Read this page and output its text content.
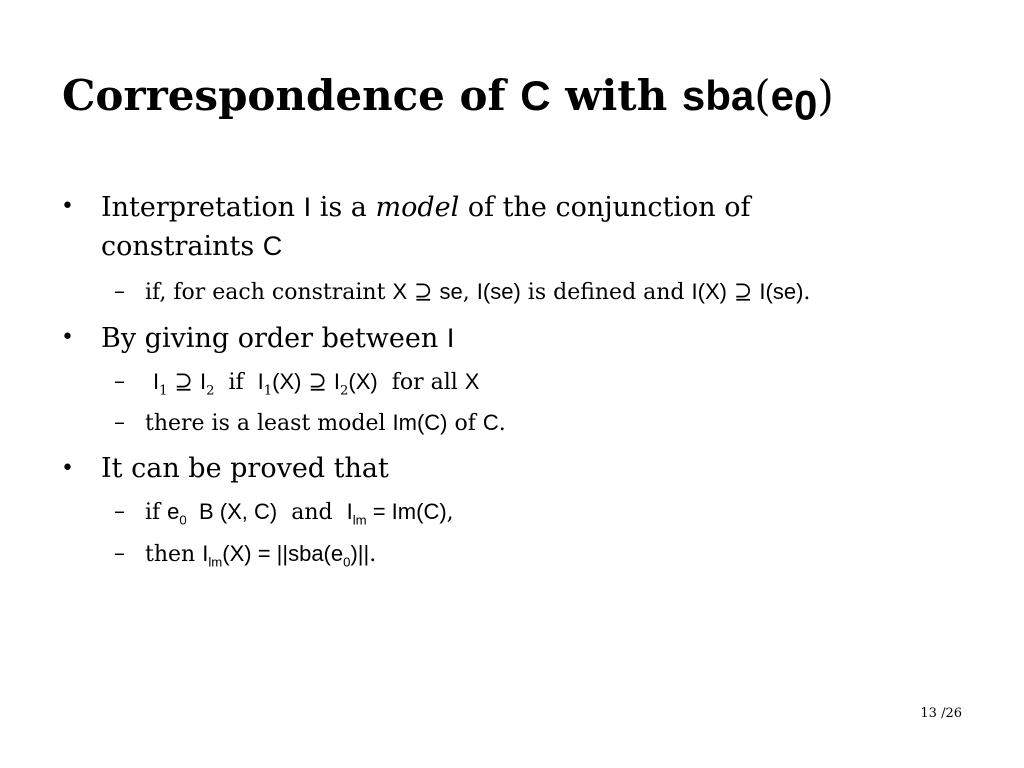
Correspondence of C with $sba(e_0)$
• Interpretation I is a model of the conjunction of
constraints C
– if, for each constraint X ⊇ se, I(se) is defined and I(X) ⊇ I(se).
• By giving order between I
– $I_1$ ⊇ $I_2$  if  $I_1(X)$ ⊇ $I_2(X)$  for all X
– there is a least model Im(C) of C.
• It can be proved that
– if $e_0$  B (X, C)  and  $I_{lm} = Im(C)$,
– then $I_{lm}(X) = ||sba(e_0)||$.
13 /26
